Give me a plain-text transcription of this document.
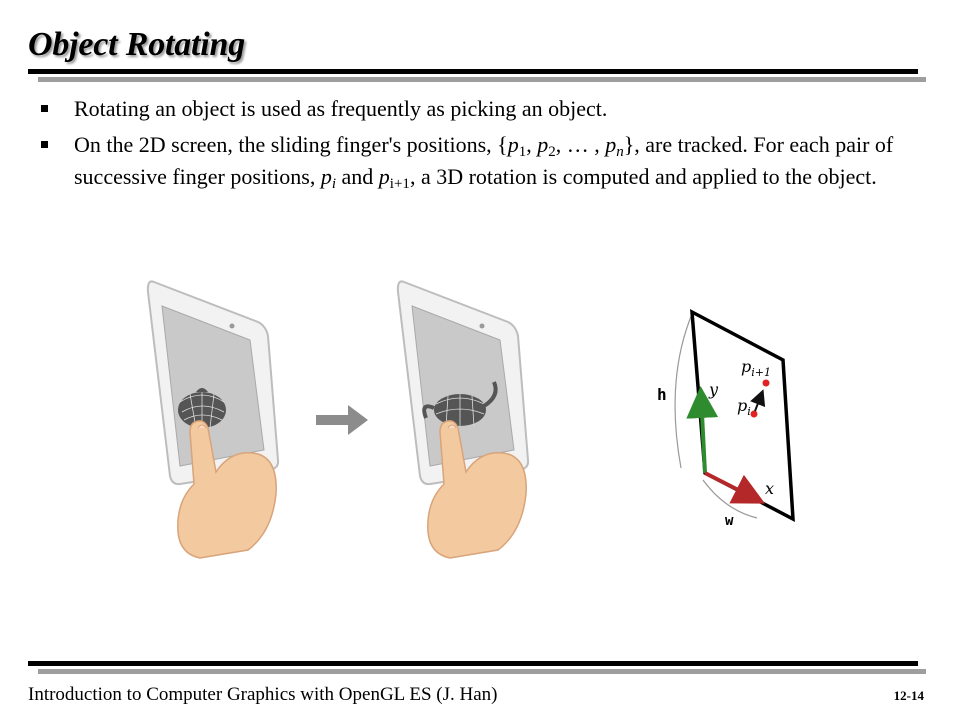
Object Rotating
Rotating an object is used as frequently as picking an object.
On the 2D screen, the sliding finger's positions, {$p_1$, $p_2$, … , $p_n$}, are tracked. For each pair of successive finger positions, $p_i$ and $p_{i+1}$, a 3D rotation is computed and applied to the object.
h	y
x
w
$p_i$
$p_{i+1}$
Introduction to Computer Graphics with OpenGL ES (J. Han)	12-14
